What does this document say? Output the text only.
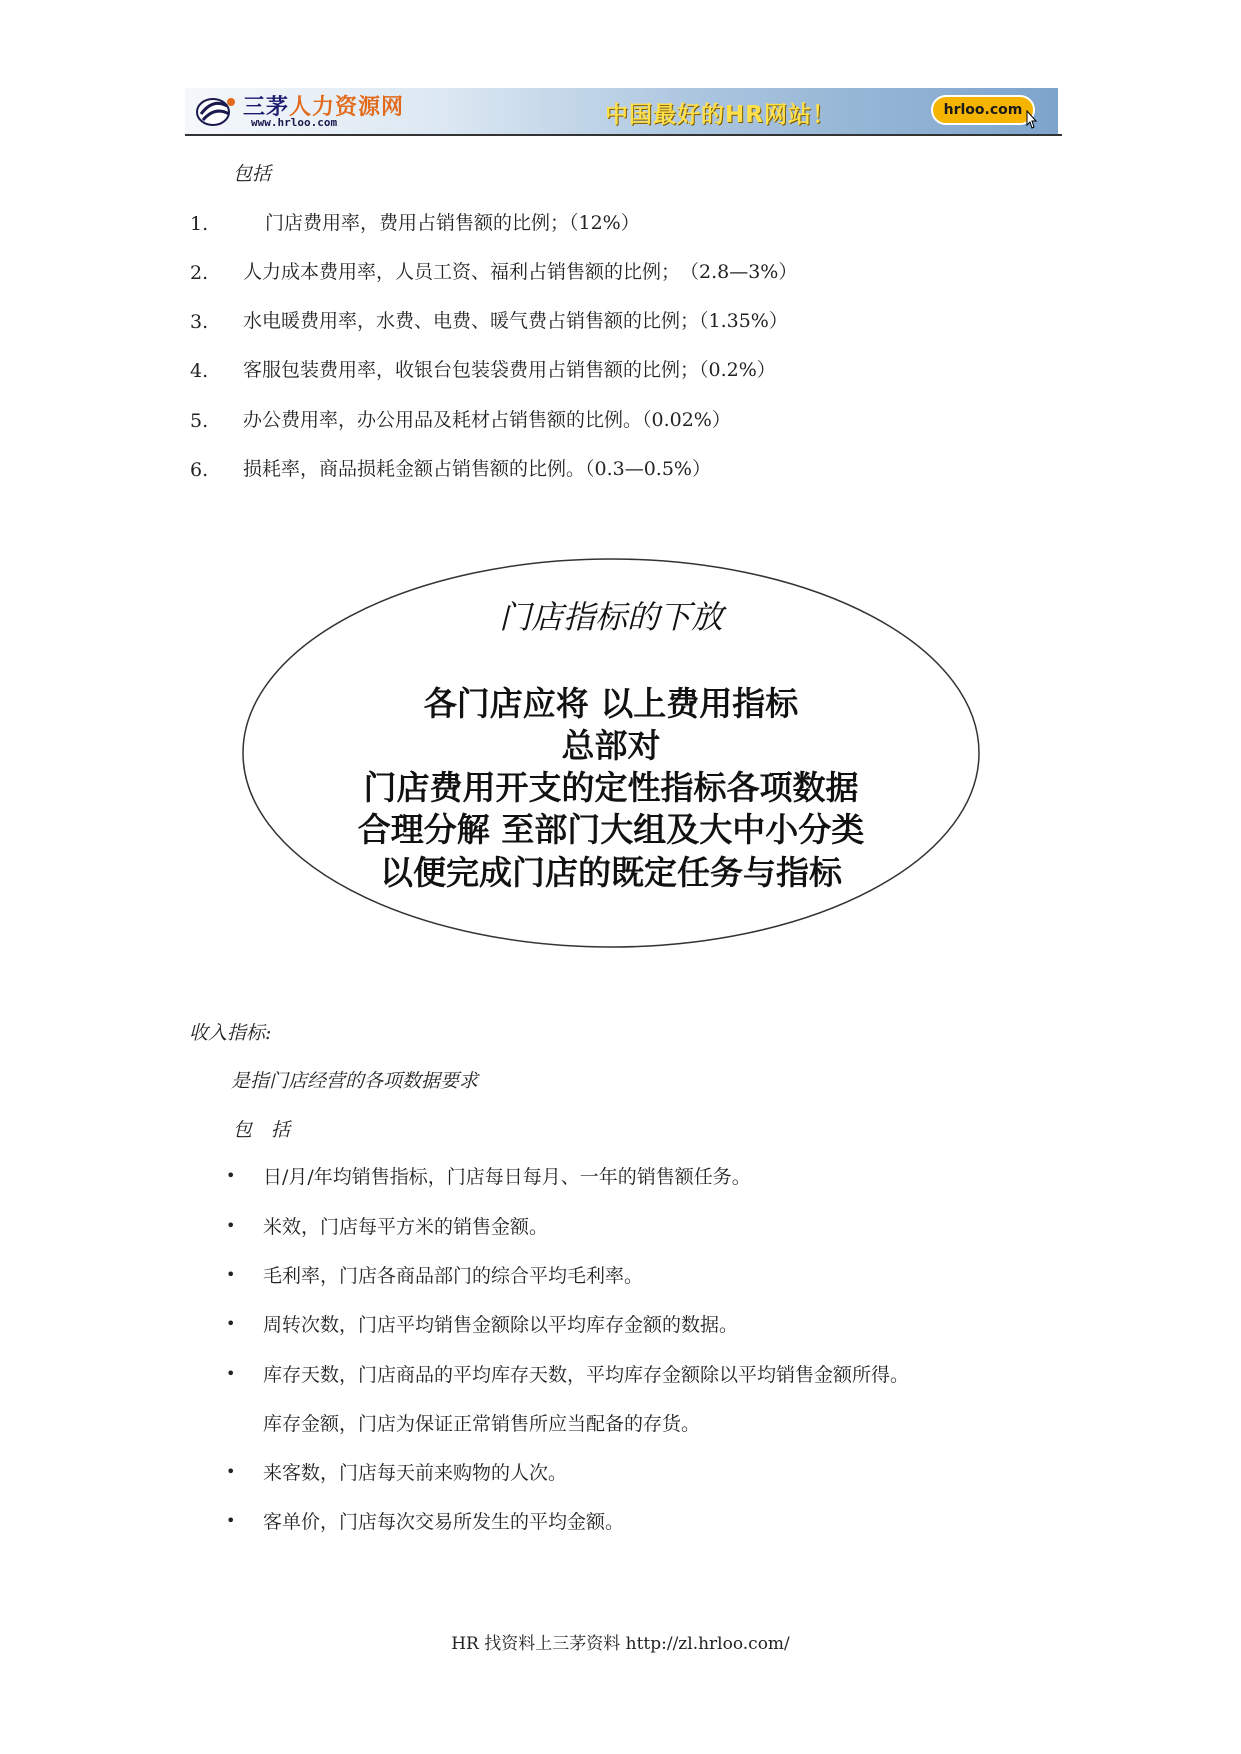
三茅人力资源网
www.hrloo.com	中国最好的HR网站！	hrloo.com
包括
1.	门店费用率，费用占销售额的比例；（12%）
2. 人力成本费用率，人员工资、福利占销售额的比例；　（2.8—3%）
3. 水电暖费用率，水费、电费、暖气费占销售额的比例；（1.35%）
4. 客服包装费用率，收银台包装袋费用占销售额的比例；（0.2%）
5. 办公费用率，办公用品及耗材占销售额的比例。（0.02%）
6. 损耗率，商品损耗金额占销售额的比例。（0.3—0.5%）
门店指标的下放
各门店应将 以上费用指标
总部对
门店费用开支的定性指标各项数据
合理分解 至部门大组及大中小分类
以便完成门店的既定任务与指标
收入指标:
是指门店经营的各项数据要求
包　括
• 日/月/年均销售指标，门店每日每月、一年的销售额任务。
• 米效，门店每平方米的销售金额。
• 毛利率，门店各商品部门的综合平均毛利率。
• 周转次数，门店平均销售金额除以平均库存金额的数据。
• 库存天数，门店商品的平均库存天数，平均库存金额除以平均销售金额所得。
库存金额，门店为保证正常销售所应当配备的存货。
• 来客数，门店每天前来购物的人次。
• 客单价，门店每次交易所发生的平均金额。
HR 找资料上三茅资料 http://zl.hrloo.com/
